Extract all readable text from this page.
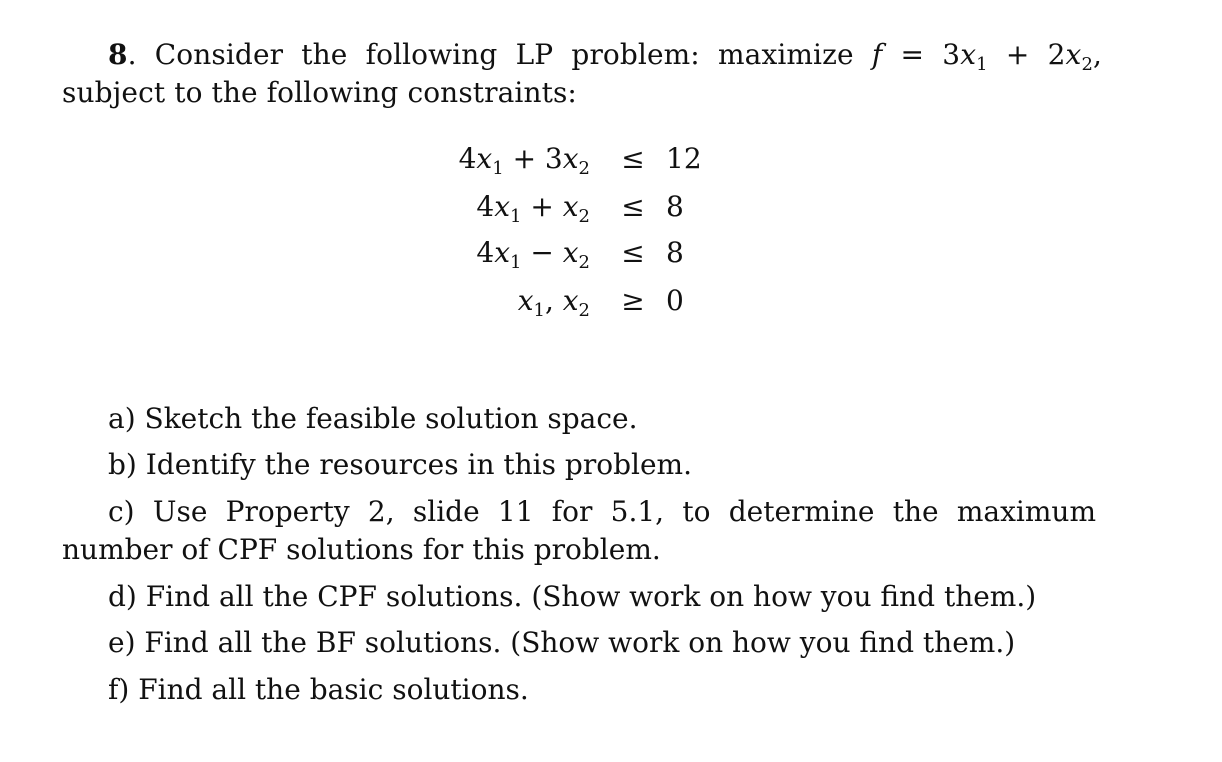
8. Consider the following LP problem: maximize $f = 3x_1 + 2x_2$, subject to the following constraints:
$4x_1 + 3x_2 \le 12$
$4x_1 + x_2 \le 8$
$4x_1 - x_2 \le 8$
$x_1$, $x_2 \ge 0$
a) Sketch the feasible solution space.
b) Identify the resources in this problem.
c) Use Property 2, slide 11 for 5.1, to determine the maximum number of CPF solutions for this problem.
d) Find all the CPF solutions. (Show work on how you find them.)
e) Find all the BF solutions. (Show work on how you find them.)
f) Find all the basic solutions.
